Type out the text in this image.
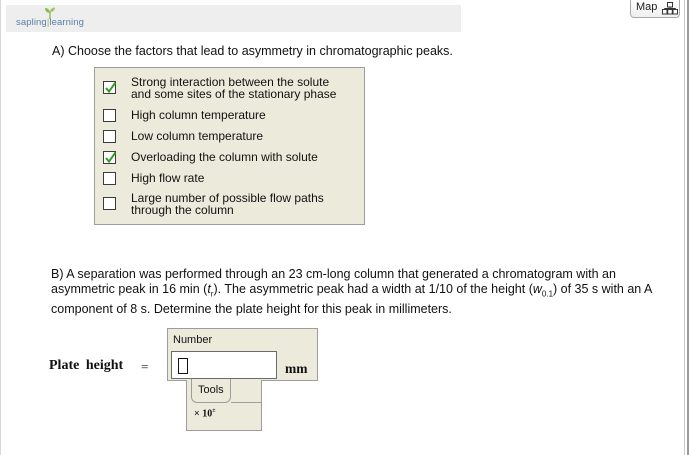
sapling|learning
Map
A) Choose the factors that lead to asymmetry in chromatographic peaks.
Strong interaction between the solute
and some sites of the stationary phase
High column temperature
Low column temperature
Overloading the column with solute
High flow rate
Large number of possible flow paths
through the column
B) A separation was performed through an 23 cm-long column that generated a chromatogram with an asymmetric peak in 16 $\min (t_r)$. The asymmetric peak had a width at 1/10 of the height $(w_{0.1})$ of 35 s with an A component of 8 s. Determine the plate height for this peak in millimeters.
Plate height =
Number
mm
Tools
× 10±
